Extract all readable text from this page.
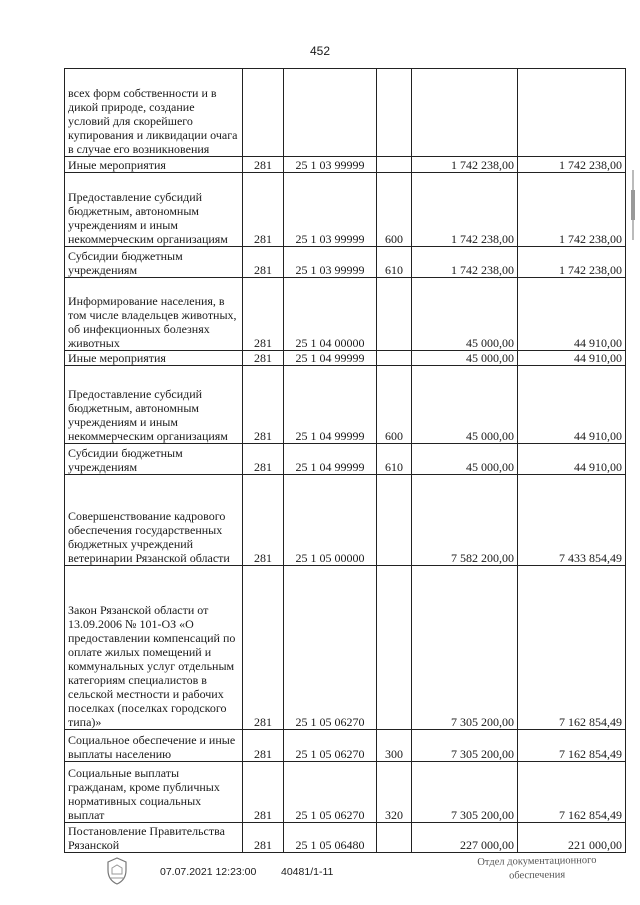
452
всех форм собственности и в дикой природе, создание условий для скорейшего купирования и ликвидации очага в случае его возникновения					
Иные мероприятия	281	25 1 03 99999		1 742 238,00	1 742 238,00
Предоставление субсидий бюджетным, автономным учреждениям и иным некоммерческим организациям	281	25 1 03 99999	600	1 742 238,00	1 742 238,00
Субсидии бюджетным учреждениям	281	25 1 03 99999	610	1 742 238,00	1 742 238,00
Информирование населения, в том числе владельцев животных, об инфекционных болезнях животных	281	25 1 04 00000		45 000,00	44 910,00
Иные мероприятия	281	25 1 04 99999		45 000,00	44 910,00
Предоставление субсидий бюджетным, автономным учреждениям и иным некоммерческим организациям	281	25 1 04 99999	600	45 000,00	44 910,00
Субсидии бюджетным учреждениям	281	25 1 04 99999	610	45 000,00	44 910,00
Совершенствование кадрового обеспечения государственных бюджетных учреждений ветеринарии Рязанской области	281	25 1 05 00000		7 582 200,00	7 433 854,49
Закон Рязанской области от 13.09.2006 № 101-ОЗ «О предоставлении компенсаций по оплате жилых помещений и коммунальных услуг отдельным категориям специалистов в сельской местности и рабочих поселках (поселках городского типа)»	281	25 1 05 06270		7 305 200,00	7 162 854,49
Социальное обеспечение и иные выплаты населению	281	25 1 05 06270	300	7 305 200,00	7 162 854,49
Социальные выплаты гражданам, кроме публичных нормативных социальных выплат	281	25 1 05 06270	320	7 305 200,00	7 162 854,49
Постановление Правительства Рязанской	281	25 1 05 06480		227 000,00	221 000,00
07.07.2021 12:23:00 40481/1-11
Отдел документационного
обеспечения
